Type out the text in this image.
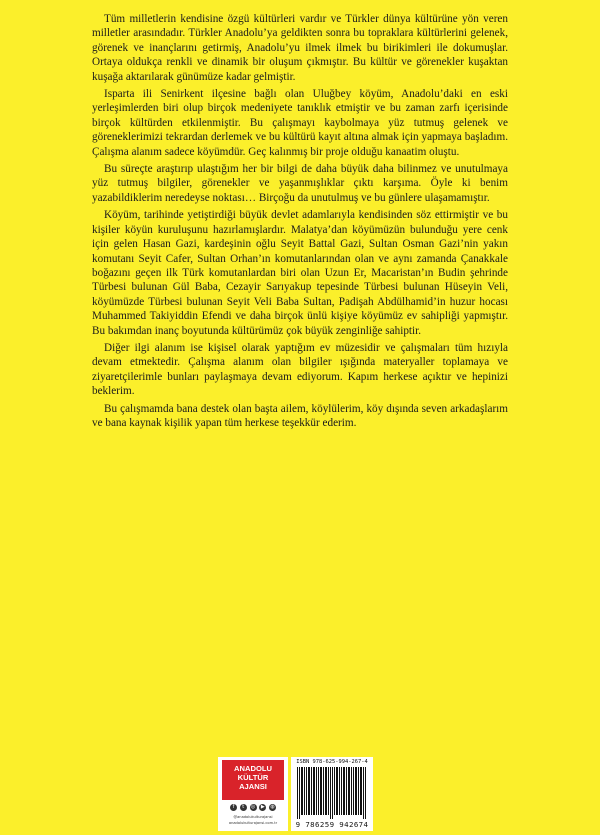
Tüm milletlerin kendisine özgü kültürleri vardır ve Türkler dünya kültürüne yön veren milletler arasındadır. Türkler Anadolu’ya geldikten sonra bu topraklara kültürlerini gelenek, görenek ve inançlarını getirmiş, Anadolu’yu ilmek ilmek bu birikimleri ile dokumuşlar. Ortaya oldukça renkli ve dinamik bir oluşum çıkmıştır. Bu kültür ve görenekler kuşaktan kuşağa aktarılarak günümüze kadar gelmiştir.

Isparta ili Senirkent ilçesine bağlı olan Uluğbey köyüm, Anadolu’daki en eski yerleşimlerden biri olup birçok medeniyete tanıklık etmiştir ve bu zaman zarfı içerisinde birçok kültürden etkilenmiştir. Bu çalışmayı kaybolmaya yüz tutmuş gelenek ve göreneklerimizi tekrardan derlemek ve bu kültürü kayıt altına almak için yapmaya başladım. Çalışma alanım sadece köyümdür. Geç kalınmış bir proje olduğu kanaatim oluştu.

Bu süreçte araştırıp ulaştığım her bir bilgi de daha büyük daha bilinmez ve unutulmaya yüz tutmuş bilgiler, görenekler ve yaşanmışlıklar çıktı karşıma. Öyle ki benim yazabildiklerim neredeyse noktası… Birçoğu da unutulmuş ve bu günlere ulaşamamıştır.

Köyüm, tarihinde yetiştirdiği büyük devlet adamlarıyla kendisinden söz ettirmiştir ve bu kişiler köyün kuruluşunu hazırlamışlardır. Malatya’dan köyümüzün bulunduğu yere cenk için gelen Hasan Gazi, kardeşinin oğlu Seyit Battal Gazi, Sultan Osman Gazi’nin yakın komutanı Seyit Cafer, Sultan Orhan’ın komutanlarından olan ve aynı zamanda Çanakkale boğazını geçen ilk Türk komutanlardan biri olan Uzun Er, Macaristan’ın Budin şehrinde Türbesi bulunan Gül Baba, Cezayir Sarıyakup tepesinde Türbesi bulunan Hüseyin Veli, köyümüzde Türbesi bulunan Seyit Veli Baba Sultan, Padişah Abdülhamid’in huzur hocası Muhammed Takiyiddin Efendi ve daha birçok ünlü kişiye köyümüz ev sahipliği yapmıştır. Bu bakımdan inanç boyutunda kültürümüz çok büyük zenginliğe sahiptir.

Diğer ilgi alanım ise kişisel olarak yaptığım ev müzesidir ve çalışmaları tüm hızıyla devam etmektedir. Çalışma alanım olan bilgiler ışığında materyaller toplamaya ve ziyaretçilerimle bunları paylaşmaya devam ediyorum. Kapım herkese açıktır ve hepinizi beklerim.

Bu çalışmamda bana destek olan başta ailem, köylülerim, köy dışında seven arkadaşlarım ve bana kaynak kişilik yapan tüm herkese teşekkür ederim.

ANADOLU
KÜLTÜR
AJANSI
f	t	◎	▶	◍
@anadolukulturajansi
anadolukulturajansi.com.tr
ISBN 978-625-994-267-4
9 786259 942674
